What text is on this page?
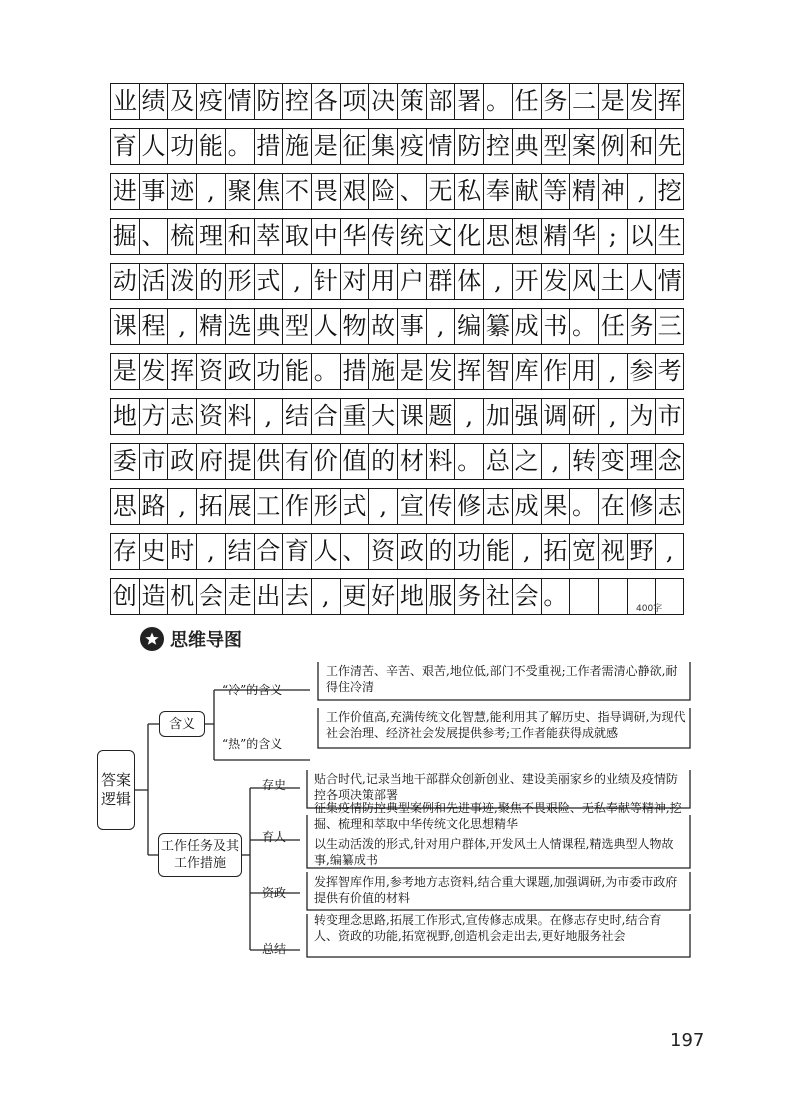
业 绩 及 疫 情 防 控 各 项 决 策 部 署 。 任 务 二 是 发 挥
育 人 功 能 。 措 施 是 征 集 疫 情 防 控 典 型 案 例 和 先
进 事 迹 , 聚 焦 不 畏 艰 险 、 无 私 奉 献 等 精 神 , 挖
掘 、 梳 理 和 萃 取 中 华 传 统 文 化 思 想 精 华 ; 以 生
动 活 泼 的 形 式 , 针 对 用 户 群 体 , 开 发 风 土 人 情
课 程 , 精 选 典 型 人 物 故 事 , 编 纂 成 书 。 任 务 三
是 发 挥 资 政 功 能 。 措 施 是 发 挥 智 库 作 用 , 参 考
地 方 志 资 料 , 结 合 重 大 课 题 , 加 强 调 研 , 为 市
委 市 政 府 提 供 有 价 值 的 材 料 。 总 之 , 转 变 理 念
思 路 , 拓 展 工 作 形 式 , 宣 传 修 志 成 果 。 在 修 志
存 史 时 , 结 合 育 人 、 资 政 的 功 能 , 拓 宽 视 野 ,
创 造 机 会 走 出 去 , 更 好 地 服 务 社 会 。	400字
思维导图
答案逻辑
含义
工作任务及其工作措施
“冷”的含义
工作清苦、辛苦、艰苦,地位低,部门不受重视;工作者需清心静欲,耐得住冷清
“热”的含义
工作价值高,充满传统文化智慧,能利用其了解历史、指导调研,为现代社会治理、经济社会发展提供参考;工作者能获得成就感
存史 贴合时代,记录当地干部群众创新创业、建设美丽家乡的业绩及疫情防控各项决策部署
育人
征集疫情防控典型案例和先进事迹,聚焦不畏艰险、无私奉献等精神,挖掘、梳理和萃取中华传统文化思想精华
以生动活泼的形式,针对用户群体,开发风土人情课程,精选典型人物故事,编纂成书
资政
发挥智库作用,参考地方志资料,结合重大课题,加强调研,为市委市政府提供有价值的材料
总结
转变理念思路,拓展工作形式,宣传修志成果。在修志存史时,结合育人、资政的功能,拓宽视野,创造机会走出去,更好地服务社会
197
